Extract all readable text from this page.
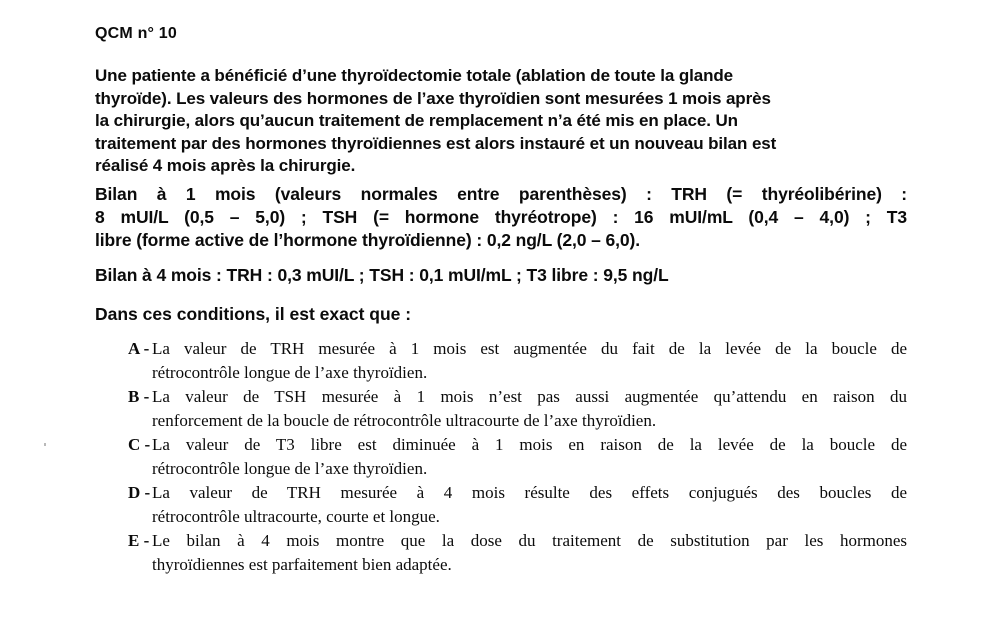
QCM n° 10
Une patiente a bénéficié d’une thyroïdectomie totale (ablation de toute la glande
thyroïde). Les valeurs des hormones de l’axe thyroïdien sont mesurées 1 mois après
la chirurgie, alors qu’aucun traitement de remplacement n’a été mis en place. Un
traitement par des hormones thyroïdiennes est alors instauré et un nouveau bilan est
réalisé 4 mois après la chirurgie.
Bilan à 1 mois (valeurs normales entre parenthèses) : TRH (= thyréolibérine) :
8 mUI/L (0,5 – 5,0) ; TSH (= hormone thyréotrope) : 16 mUI/mL (0,4 – 4,0) ; T3
libre (forme active de l’hormone thyroïdienne) : 0,2 ng/L (2,0 – 6,0).
Bilan à 4 mois : TRH : 0,3 mUI/L ; TSH : 0,1 mUI/mL ; T3 libre : 9,5 ng/L
Dans ces conditions, il est exact que :
A - La valeur de TRH mesurée à 1 mois est augmentée du fait de la levée de la boucle de
rétrocontrôle longue de l’axe thyroïdien.
B - La valeur de TSH mesurée à 1 mois n’est pas aussi augmentée qu’attendu en raison du
renforcement de la boucle de rétrocontrôle ultracourte de l’axe thyroïdien.
C - La valeur de T3 libre est diminuée à 1 mois en raison de la levée de la boucle de
rétrocontrôle longue de l’axe thyroïdien.
D - La valeur de TRH mesurée à 4 mois résulte des effets conjugués des boucles de
rétrocontrôle ultracourte, courte et longue.
E - Le bilan à 4 mois montre que la dose du traitement de substitution par les hormones
thyroïdiennes est parfaitement bien adaptée.
